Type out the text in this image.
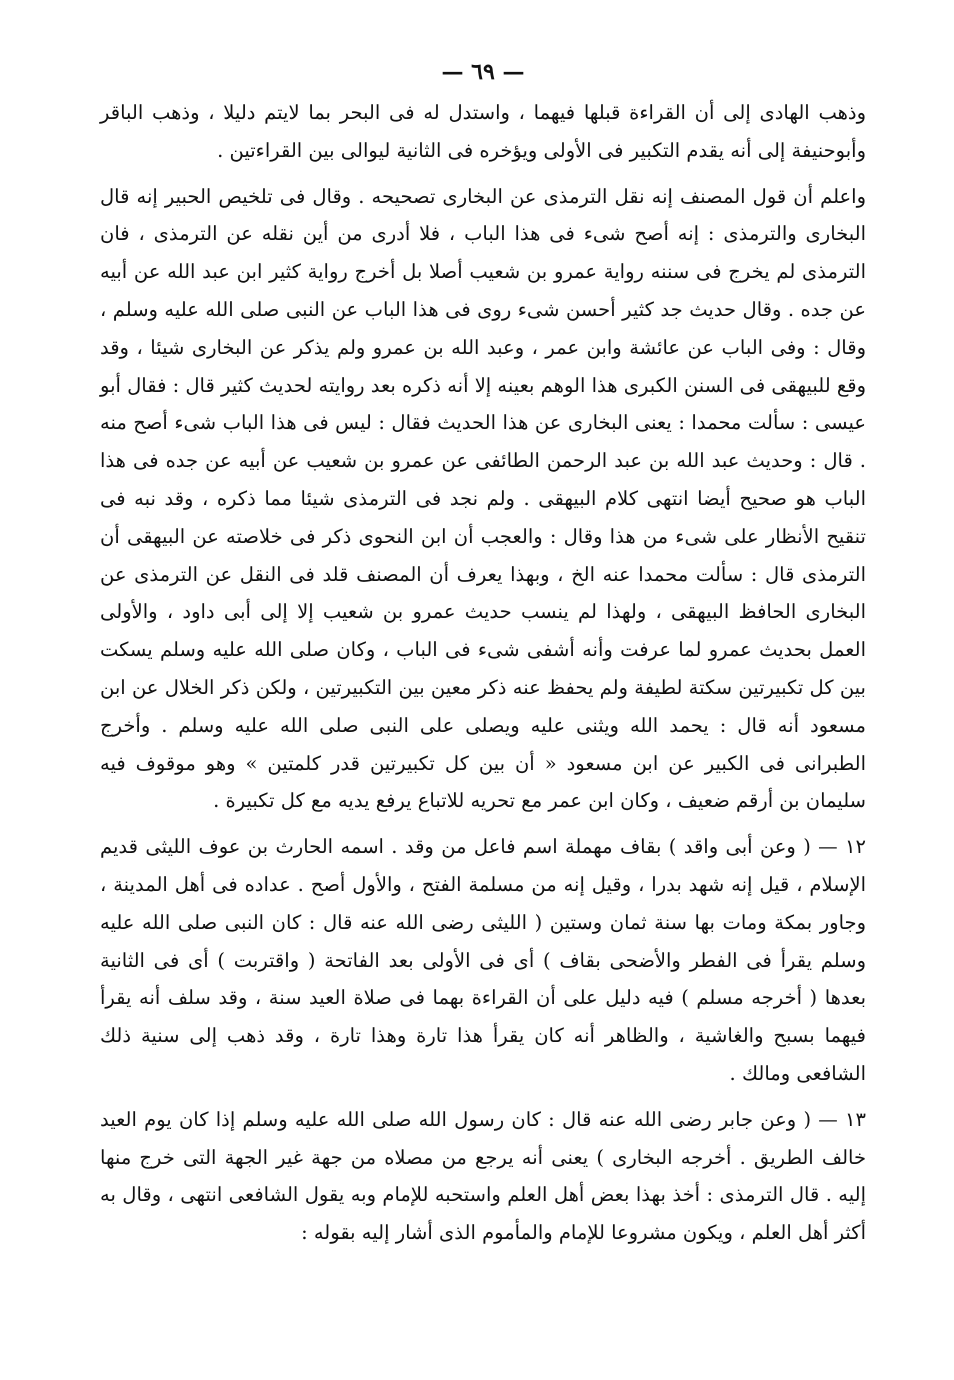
— ٦٩ —

وذهب الهادى إلى أن القراءة قبلها فيهما ، واستدل له فى البحر بما لايتم دليلا ، وذهب الباقر وأبوحنيفة إلى أنه يقدم التكبير فى الأولى ويؤخره فى الثانية ليوالى بين القراءتين .

واعلم أن قول المصنف إنه نقل الترمذى عن البخارى تصحيحه . وقال فى تلخيص الحبير إنه قال البخارى والترمذى : إنه أصح شىء فى هذا الباب ، فلا أدرى من أين نقله عن الترمذى ، فان الترمذى لم يخرج فى سننه رواية عمرو بن شعيب أصلا بل أخرج رواية كثير ابن عبد الله عن أبيه عن جده . وقال حديث جد كثير أحسن شىء روى فى هذا الباب عن النبى صلى الله عليه وسلم ، وقال : وفى الباب عن عائشة وابن عمر ، وعبد الله بن عمرو ولم يذكر عن البخارى شيئا ، وقد وقع للبيهقى فى السنن الكبرى هذا الوهم بعينه إلا أنه ذكره بعد روايته لحديث كثير قال : فقال أبو عيسى : سألت محمدا : يعنى البخارى عن هذا الحديث فقال : ليس فى هذا الباب شىء أصح منه . قال : وحديث عبد الله بن عبد الرحمن الطائفى عن عمرو بن شعيب عن أبيه عن جده فى هذا الباب هو صحيح أيضا انتهى كلام البيهقى . ولم نجد فى الترمذى شيئا مما ذكره ، وقد نبه فى تنقيح الأنظار على شىء من هذا وقال : والعجب أن ابن النحوى ذكر فى خلاصته عن البيهقى أن الترمذى قال : سألت محمدا عنه الخ ، وبهذا يعرف أن المصنف قلد فى النقل عن الترمذى عن البخارى الحافظ البيهقى ، ولهذا لم ينسب حديث عمرو بن شعيب إلا إلى أبى داود ، والأولى العمل بحديث عمرو لما عرفت وأنه أشفى شىء فى الباب ، وكان صلى الله عليه وسلم يسكت بين كل تكبيرتين سكتة لطيفة ولم يحفظ عنه ذكر معين بين التكبيرتين ، ولكن ذكر الخلال عن ابن مسعود أنه قال : يحمد الله ويثنى عليه ويصلى على النبى صلى الله عليه وسلم . وأخرج الطبرانى فى الكبير عن ابن مسعود « أن بين كل تكبيرتين قدر كلمتين » وهو موقوف فيه سليمان بن أرقم ضعيف ، وكان ابن عمر مع تحريه للاتباع يرفع يديه مع كل تكبيرة .

١٢ — ( وعن أبى واقد ) بقاف مهملة اسم فاعل من وقد . اسمه الحارث بن عوف الليثى قديم الإسلام ، قيل إنه شهد بدرا ، وقيل إنه من مسلمة الفتح ، والأول أصح . عداده فى أهل المدينة ، وجاور بمكة ومات بها سنة ثمان وستين ( الليثى رضى الله عنه قال : كان النبى صلى الله عليه وسلم يقرأ فى الفطر والأضحى بقاف ) أى فى الأولى بعد الفاتحة ( واقتربت ) أى فى الثانية بعدها ( أخرجه مسلم ) فيه دليل على أن القراءة بهما فى صلاة العيد سنة ، وقد سلف أنه يقرأ فيهما بسبح والغاشية ، والظاهر أنه كان يقرأ هذا تارة وهذا تارة ، وقد ذهب إلى سنية ذلك الشافعى ومالك .

١٣ — ( وعن جابر رضى الله عنه قال : كان رسول الله صلى الله عليه وسلم إذا كان يوم العيد خالف الطريق . أخرجه البخارى ) يعنى أنه يرجع من مصلاه من جهة غير الجهة التى خرج منها إليه . قال الترمذى : أخذ بهذا بعض أهل العلم واستحبه للإمام وبه يقول الشافعى انتهى ، وقال به أكثر أهل العلم ، ويكون مشروعا للإمام والمأموم الذى أشار إليه بقوله :
